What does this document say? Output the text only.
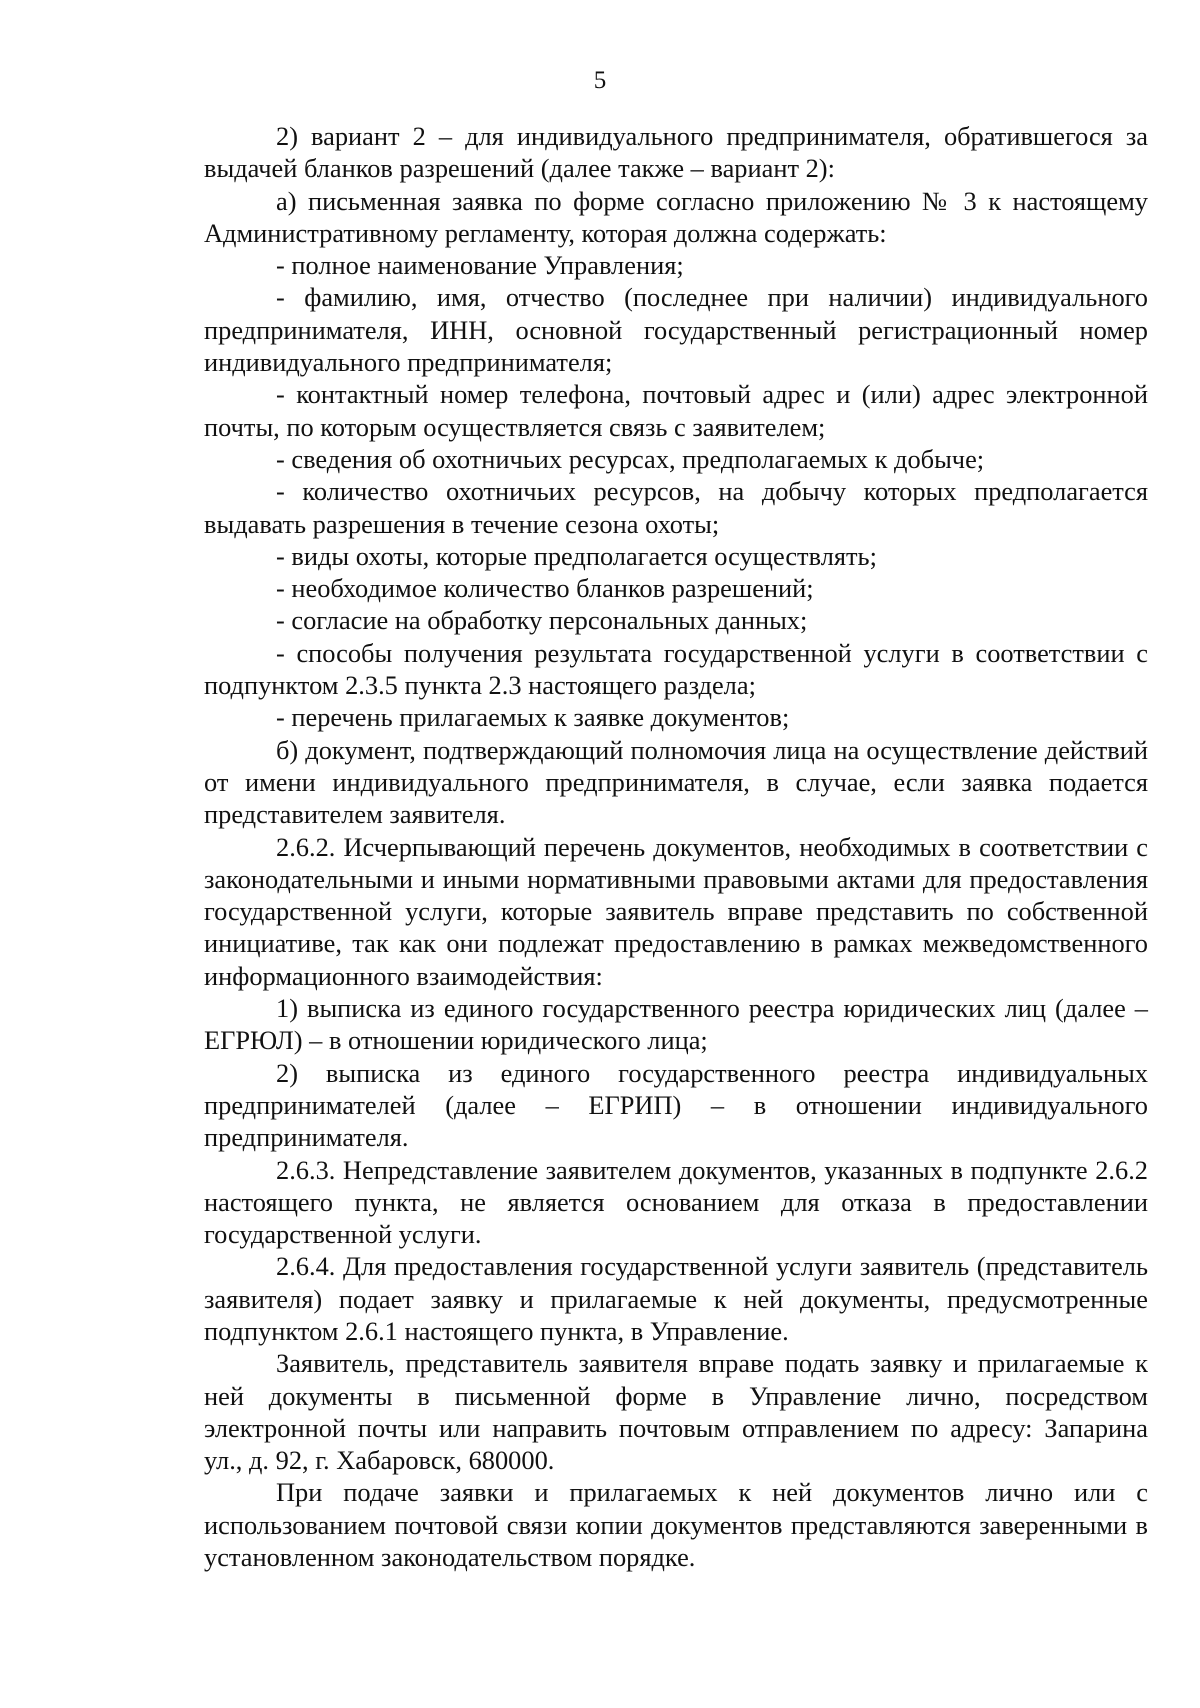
5

2) вариант 2 – для индивидуального предпринимателя, обратившегося за выдачей бланков разрешений (далее также – вариант 2):

а) письменная заявка по форме согласно приложению № 3 к настоящему Административному регламенту, которая должна содержать:

- полное наименование Управления;

- фамилию, имя, отчество (последнее при наличии) индивидуального предпринимателя, ИНН, основной государственный регистрационный номер индивидуального предпринимателя;

- контактный номер телефона, почтовый адрес и (или) адрес электронной почты, по которым осуществляется связь с заявителем;

- сведения об охотничьих ресурсах, предполагаемых к добыче;

- количество охотничьих ресурсов, на добычу которых предполагается выдавать разрешения в течение сезона охоты;

- виды охоты, которые предполагается осуществлять;

- необходимое количество бланков разрешений;

- согласие на обработку персональных данных;

- способы получения результата государственной услуги в соответствии с подпунктом 2.3.5 пункта 2.3 настоящего раздела;

- перечень прилагаемых к заявке документов;

б) документ, подтверждающий полномочия лица на осуществление действий от имени индивидуального предпринимателя, в случае, если заявка подается представителем заявителя.

2.6.2. Исчерпывающий перечень документов, необходимых в соответствии с законодательными и иными нормативными правовыми актами для предоставления государственной услуги, которые заявитель вправе представить по собственной инициативе, так как они подлежат предоставлению в рамках межведомственного информационного взаимодействия:

1) выписка из единого государственного реестра юридических лиц (далее – ЕГРЮЛ) – в отношении юридического лица;

2) выписка из единого государственного реестра индивидуальных предпринимателей (далее – ЕГРИП) – в отношении индивидуального предпринимателя.

2.6.3. Непредставление заявителем документов, указанных в подпункте 2.6.2 настоящего пункта, не является основанием для отказа в предоставлении государственной услуги.

2.6.4. Для предоставления государственной услуги заявитель (представитель заявителя) подает заявку и прилагаемые к ней документы, предусмотренные подпунктом 2.6.1 настоящего пункта, в Управление.

Заявитель, представитель заявителя вправе подать заявку и прилагаемые к ней документы в письменной форме в Управление лично, посредством электронной почты или направить почтовым отправлением по адресу: Запарина ул., д. 92, г. Хабаровск, 680000.

При подаче заявки и прилагаемых к ней документов лично или с использованием почтовой связи копии документов представляются заверенными в установленном законодательством порядке.
